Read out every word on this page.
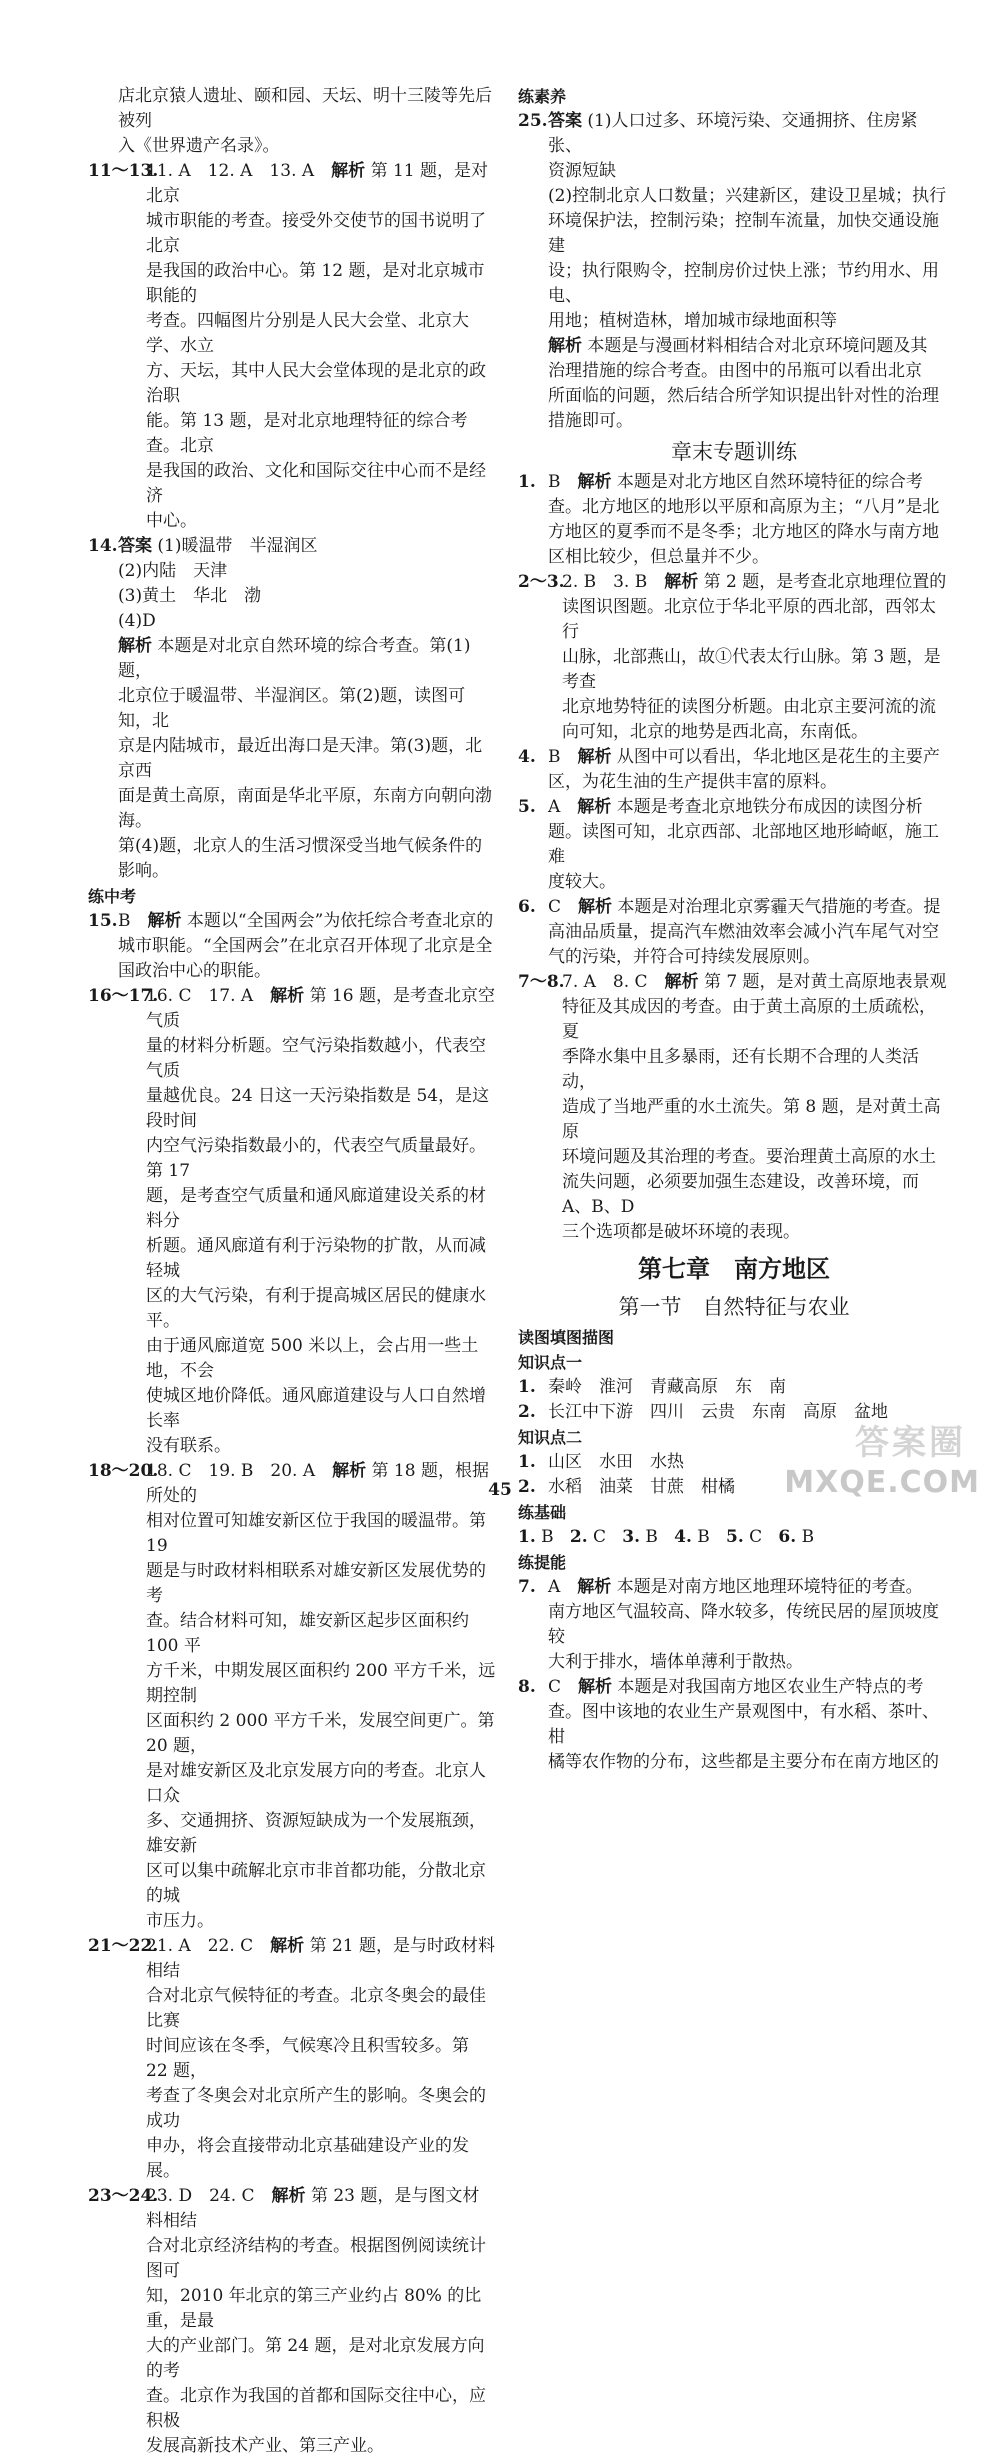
店北京猿人遗址、颐和园、天坛、明十三陵等先后被列
入《世界遗产名录》。
11～13.
11. A　12. A　13. A　 解析 第 11 题，是对北京
城市职能的考查。接受外交使节的国书说明了北京
是我国的政治中心。第 12 题，是对北京城市职能的
考查。四幅图片分别是人民大会堂、北京大学、水立
方、天坛，其中人民大会堂体现的是北京的政治职
能。第 13 题，是对北京地理特征的综合考查。北京
是我国的政治、文化和国际交往中心而不是经济
中心。
14. 答案 (1)暖温带　半湿润区
(2)内陆　天津
(3)黄土　华北　渤
(4)D
解析 本题是对北京自然环境的综合考查。第(1)题，
北京位于暖温带、半湿润区。第(2)题，读图可知，北
京是内陆城市，最近出海口是天津。第(3)题，北京西
面是黄土高原，南面是华北平原，东南方向朝向渤海。
第(4)题，北京人的生活习惯深受当地气候条件的
影响。
练中考
15. B　 解析 本题以“全国两会”为依托综合考查北京的
城市职能。“全国两会”在北京召开体现了北京是全
国政治中心的职能。
16～17.
16. C　17. A　 解析 第 16 题，是考查北京空气质
量的材料分析题。空气污染指数越小，代表空气质
量越优良。24 日这一天污染指数是 54，是这段时间
内空气污染指数最小的，代表空气质量最好。第 17
题，是考查空气质量和通风廊道建设关系的材料分
析题。通风廊道有利于污染物的扩散，从而减轻城
区的大气污染，有利于提高城区居民的健康水平。
由于通风廊道宽 500 米以上，会占用一些土地，不会
使城区地价降低。通风廊道建设与人口自然增长率
没有联系。
18～20.
18. C　19. B　20. A　 解析 第 18 题，根据所处的
相对位置可知雄安新区位于我国的暖温带。第 19
题是与时政材料相联系对雄安新区发展优势的考
查。结合材料可知，雄安新区起步区面积约 100 平
方千米，中期发展区面积约 200 平方千米，远期控制
区面积约 2 000 平方千米，发展空间更广。第 20 题，
是对雄安新区及北京发展方向的考查。北京人口众
多、交通拥挤、资源短缺成为一个发展瓶颈，雄安新
区可以集中疏解北京市非首都功能，分散北京的城
市压力。
21～22.
21. A　22. C　 解析 第 21 题，是与时政材料相结
合对北京气候特征的考查。北京冬奥会的最佳比赛
时间应该在冬季，气候寒冷且积雪较多。第 22 题，
考查了冬奥会对北京所产生的影响。冬奥会的成功
申办，将会直接带动北京基础建设产业的发展。
23～24.
23. D　24. C　 解析 第 23 题，是与图文材料相结
合对北京经济结构的考查。根据图例阅读统计图可
知，2010 年北京的第三产业约占 80% 的比重，是最
大的产业部门。第 24 题，是对北京发展方向的考
查。北京作为我国的首都和国际交往中心，应积极
发展高新技术产业、第三产业。
练素养
25. 答案 (1)人口过多、环境污染、交通拥挤、住房紧张、
资源短缺
(2)控制北京人口数量；兴建新区，建设卫星城；执行
环境保护法，控制污染；控制车流量，加快交通设施建
设；执行限购令，控制房价过快上涨；节约用水、用电、
用地；植树造林，增加城市绿地面积等
解析 本题是与漫画材料相结合对北京环境问题及其
治理措施的综合考查。由图中的吊瓶可以看出北京
所面临的问题，然后结合所学知识提出针对性的治理
措施即可。
章末专题训练
1. B　 解析 本题是对北方地区自然环境特征的综合考
查。北方地区的地形以平原和高原为主；“八月”是北
方地区的夏季而不是冬季；北方地区的降水与南方地
区相比较少，但总量并不少。
2～3.
2. B　3. B　 解析 第 2 题，是考查北京地理位置的
读图识图题。北京位于华北平原的西北部，西邻太行
山脉，北部燕山，故①代表太行山脉。第 3 题，是考查
北京地势特征的读图分析题。由北京主要河流的流
向可知，北京的地势是西北高，东南低。
4. B　 解析 从图中可以看出，华北地区是花生的主要产
区，为花生油的生产提供丰富的原料。
5. A　 解析 本题是考查北京地铁分布成因的读图分析
题。读图可知，北京西部、北部地区地形崎岖，施工难
度较大。
6. C　 解析 本题是对治理北京雾霾天气措施的考查。提
高油品质量，提高汽车燃油效率会减小汽车尾气对空
气的污染，并符合可持续发展原则。
7～8.
7. A　8. C　 解析 第 7 题，是对黄土高原地表景观
特征及其成因的考查。由于黄土高原的土质疏松，夏
季降水集中且多暴雨，还有长期不合理的人类活动，
造成了当地严重的水土流失。第 8 题，是对黄土高原
环境问题及其治理的考查。要治理黄土高原的水土
流失问题，必须要加强生态建设，改善环境，而 A、B、D
三个选项都是破坏环境的表现。
第七章　南方地区
第一节　自然特征与农业
读图填图描图
知识点一
1. 秦岭　淮河　青藏高原　东　南
2. 长江中下游　四川　云贵　东南　高原　盆地
知识点二
1. 山区　水田　水热
2. 水稻　油菜　甘蔗　柑橘
练基础
1. B 2. C 3. B 4. B 5. C 6. B
练提能
7. A　 解析 本题是对南方地区地理环境特征的考查。
南方地区气温较高、降水较多，传统民居的屋顶坡度较
大利于排水，墙体单薄利于散热。
8. C　 解析 本题是对我国南方地区农业生产特点的考
查。图中该地的农业生产景观图中，有水稻、茶叶、柑
橘等农作物的分布，这些都是主要分布在南方地区的
45
答案圈
MXQE.COM
